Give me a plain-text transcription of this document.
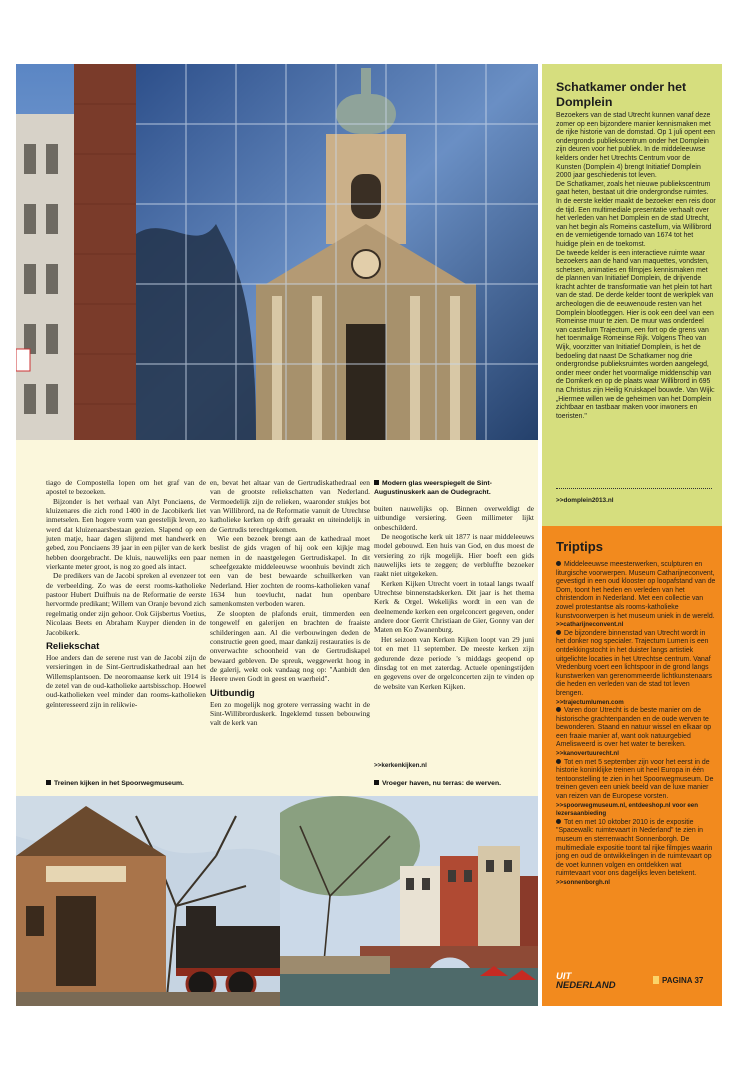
tiago de Compostella lopen om het graf van de apostel te bezoeken.

Bijzonder is het verhaal van Alyt Ponciaens, de kluizenares die zich rond 1400 in de Jacobikerk liet inmetselen. Een hogere vorm van geestelijk leven, zo werd dat kluizenaarsbestaan gezien. Slapend op een juten matje, haar dagen slijtend met handwerk en gebed, zou Ponciaens 39 jaar in een pijler van de kerk hebben doorgebracht. De kluis, nauwelijks een paar vierkante meter groot, is nog zo goed als intact.

De predikers van de Jacobi spreken al evenzeer tot de verbeelding. Zo was de eerst rooms-katholieke pastoor Hubert Duifhuis na de Reformatie de eerste hervormde predikant; Willem van Oranje bevond zich regelmatig onder zijn gehoor. Ook Gijsbertus Voetius, Nicolaas Beets en Abraham Kuyper dienden in de Jacobikerk.

Reliekschat

Hoe anders dan de serene rust van de Jacobi zijn de versieringen in de Sint-Gertrudiskathedraal aan het Willemsplantsoen. De neoromaanse kerk uit 1914 is de zetel van de oud-katholieke aartsbisschop. Hoewel oud-katholieken veel minder dan rooms-katholieken geïnteresseerd zijn in relikwie-

Treinen kijken in het Spoorwegmuseum.

en, bevat het altaar van de Gertrudiskathedraal een van de grootste reliekschatten van Nederland. Vermoedelijk zijn de relieken, waaronder stukjes bot van Willibrord, na de Reformatie vanuit de Utrechtse katholieke kerken op drift geraakt en uiteindelijk in de Gertrudis terechtgekomen.

Wie een bezoek brengt aan de kathedraal moet beslist de gids vragen of hij ook een kijkje mag nemen in de naastgelegen Gertrudiskapel. In dit scheefgezakte middeleeuwse woonhuis bevindt zich een van de best bewaarde schuilkerken van Nederland. Hier zochten de rooms-katholieken vanaf 1634 hun toevlucht, nadat hun openbare samenkomsten verboden waren.

Ze sloopten de plafonds eruit, timmerden een tongewelf en galerijen en brachten de fraaiste schilderingen aan. Al die verbouwingen deden de constructie geen goed, maar dankzij restauraties is de onverwachte schoonheid van de Gertrudiskapel bewaard gebleven. De spreuk, weggewerkt hoog in de galerij, wekt ook vandaag nog op: "Aanbidt den Heere uwen Godt in geest en waerheid".

Uitbundig

Een zo mogelijk nog grotere verrassing wacht in de Sint-Willibrorduskerk. Ingeklemd tussen bebouwing valt de kerk van

Modern glas weerspiegelt de Sint-Augustinuskerk aan de Oudegracht.

buiten nauwelijks op. Binnen overweldigt de uitbundige versiering. Geen millimeter lijkt onbeschilderd.

De neogotische kerk uit 1877 is naar middeleeuws model gebouwd. Een huis van God, en dus moest de versiering zo rijk mogelijk. Hier boeft een gids nauwelijks iets te zeggen; de verbluffte bezoeker raakt niet uitgekeken.

Kerken Kijken Utrecht voert in totaal langs twaalf Utrechtse binnenstadskerken. Dit jaar is het thema Kerk & Orgel. Wekelijks wordt in een van de deelnemende kerken een orgelconcert gegeven, onder andere door Gerrit Christiaan de Gier, Gonny van der Maten en Ko Zwanenburg.

Het seizoen van Kerken Kijken loopt van 29 juni tot en met 11 september. De meeste kerken zijn gedurende deze periode 's middags geopend op dinsdag tot en met zaterdag. Actuele openingstijden en gegevens over de orgelconcerten zijn te vinden op de website van Kerken Kijken.

>>kerkenkijken.nl
Vroeger haven, nu terras: de werven.
Schatkamer onder het Domplein

Bezoekers van de stad Utrecht kunnen vanaf deze zomer op een bijzondere manier kennismaken met de rijke historie van de domstad. Op 1 juli opent een ondergronds publiekscentrum onder het Domplein zijn deuren voor het publiek. In de middeleeuwse kelders onder het Utrechts Centrum voor de Kunsten (Domplein 4) brengt Initiatief Domplein 2000 jaar geschiedenis tot leven.

De Schatkamer, zoals het nieuwe publiekscentrum gaat heten, bestaat uit drie ondergrondse ruimtes. In de eerste kelder maakt de bezoeker een reis door de tijd. Een multimediale presentatie verhaalt over het verleden van het Domplein en de stad Utrecht, van het begin als Romeins castellum, via Willibrord en de vernietigende tornado van 1674 tot het huidige plein en de toekomst.

De tweede kelder is een interactieve ruimte waar bezoekers aan de hand van maquettes, vondsten, schetsen, animaties en filmpjes kennismaken met de plannen van Initiatief Domplein, de drijvende kracht achter de transformatie van het plein tot hart van de stad. De derde kelder toont de werkplek van archeologen die de eeuwenoude resten van het Domplein blootleggen. Hier is ook een deel van een Romeinse muur te zien. De muur was onderdeel van castellum Trajectum, een fort op de grens van het toenmalige Romeinse Rijk. Volgens Theo van Wijk, voorzitter van Initiatief Domplein, is het de bedoeling dat naast De Schatkamer nog drie ondergrondse publieksruimtes worden aangelegd, onder meer onder het voormalige middenschip van de Domkerk en op de plaats waar Willibrord in 695 na Christus zijn Heilig Kruiskapel bouwde. Van Wijk: „Hiermee willen we de geheimen van het Domplein zichtbaar en tastbaar maken voor inwoners en toeristen."

>>domplein2013.nl
Triptips
Middeleeuwse meesterwerken, sculpturen en liturgische voorwerpen. Museum Catharijneconvent, gevestigd in een oud klooster op loopafstand van de Dom, toont het heden en verleden van het christendom in Nederland. Met een collectie van zowel protestantse als rooms-katholieke kunstvoorwerpen is het museum uniek in de wereld.
>>catharijneconvent.nl
De bijzondere binnenstad van Utrecht wordt in het donker nog specialer. Trajectum Lumen is een ontdekkingstocht in het duister langs artistiek uitgelichte locaties in het Utrechtse centrum. Vanaf Vredenburg voert een lichtspoor in de grond langs kunstwerken van gerenommeerde lichtkunstenaars die heden en verleden van de stad tot leven brengen.
>>trajectumlumen.com
Varen door Utrecht is de beste manier om de historische grachtenpanden en de oude werven te bewonderen. Staand en natuur wissel en elkaar op een fraaie manier af, want ook natuurgebied Amelisweerd is over het water te bereiken.
>>kanovertuurecht.nl
Tot en met 5 september zijn voor het eerst in de historie koninklijke treinen uit heel Europa in één tentoonstelling te zien in het Spoorwegmuseum. De treinen geven een uniek beeld van de luxe manier van reizen van de Europese vorsten.
>>spoorwegmuseum.nl, entdeeshop.nl voor een lezersaanbieding
Tot en met 10 oktober 2010 is de expositie "Spacewalk: ruimtevaart in Nederland" te zien in museum en sterrenwacht Sonnenborgh. De multimediale expositie toont tal rijke filmpjes waarin jong en oud de ontwikkelingen in de ruimtevaart op de voet kunnen volgen en ontdekken wat ruimtevaart voor ons dagelijks leven betekent.
>>sonnenborgh.nl
UIT
NEDERLAND	PAGINA 37
